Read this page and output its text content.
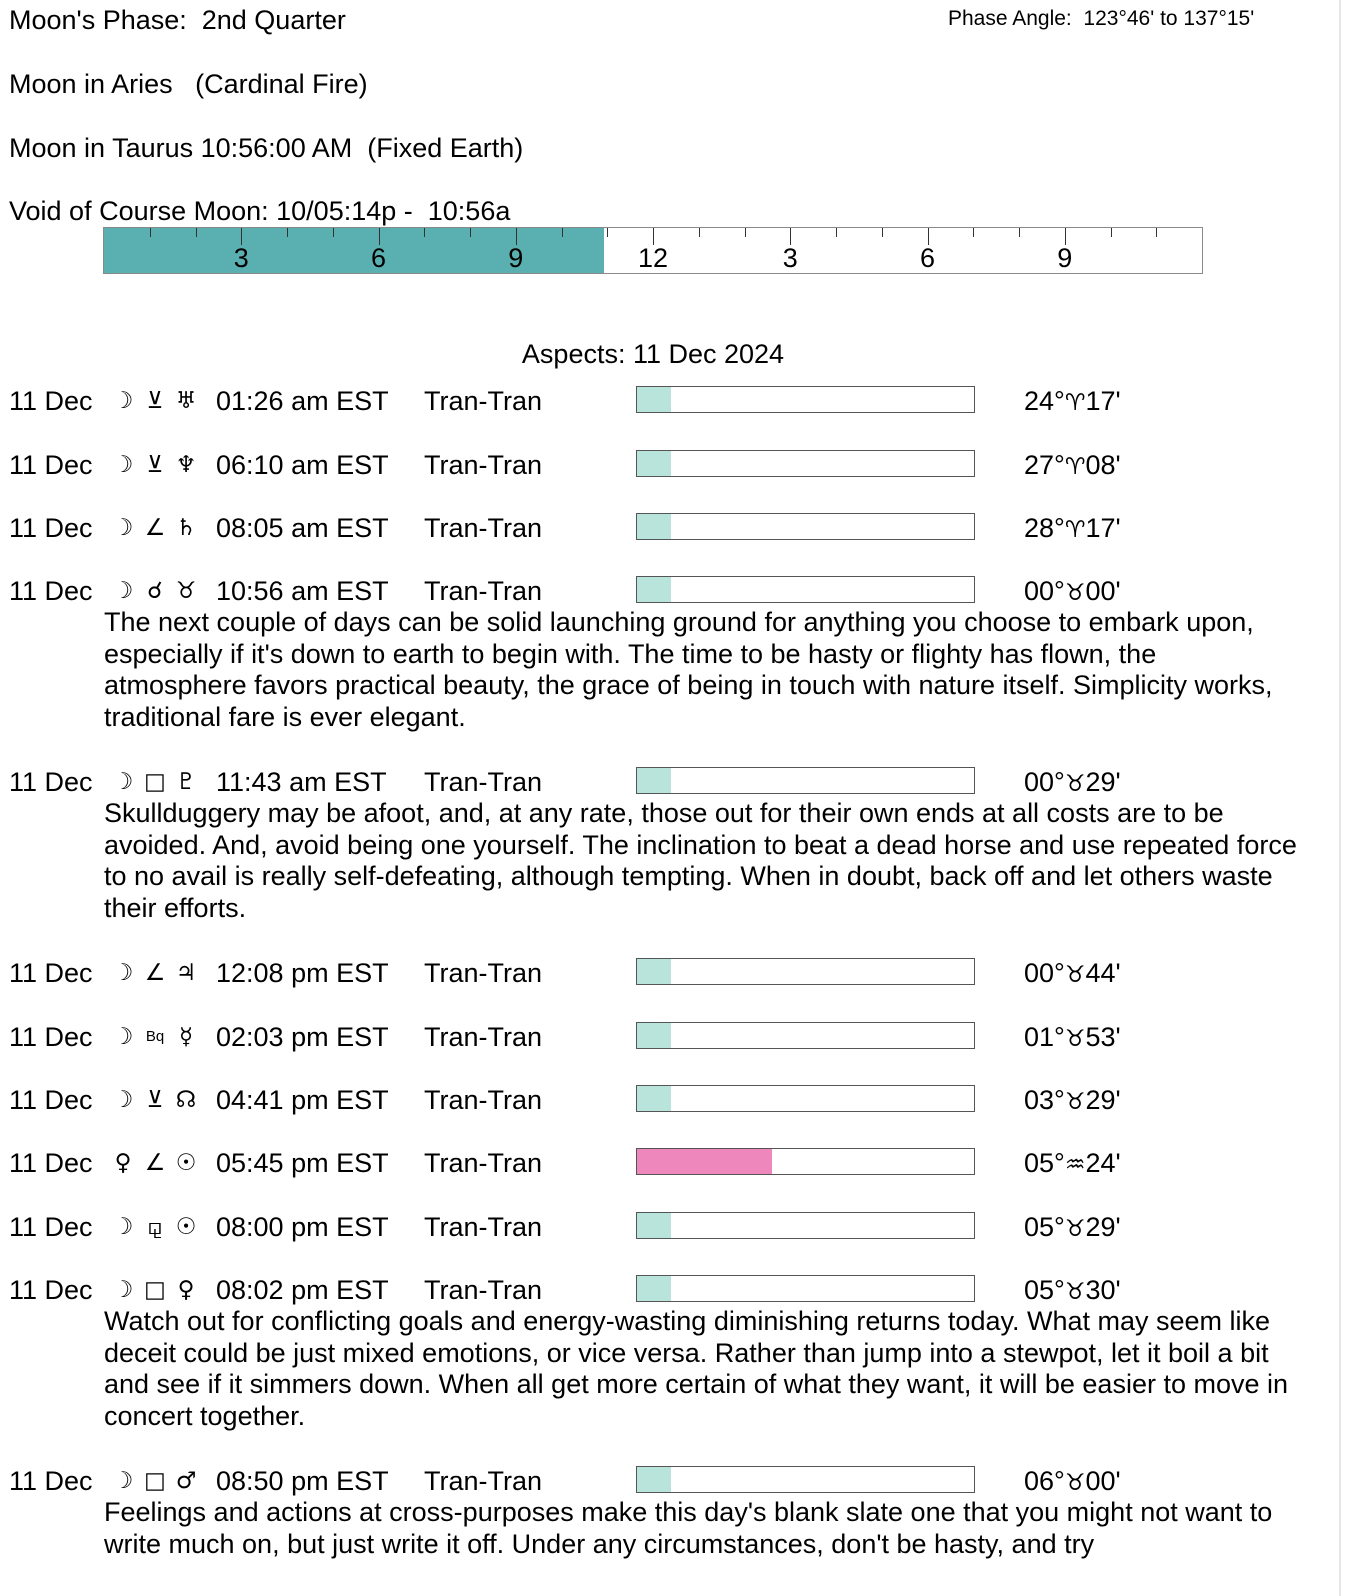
Moon's Phase:  2nd Quarter	Phase Angle:  123°46' to 137°15'
Moon in Aries   (Cardinal Fire)
Moon in Taurus 10:56:00 AM  (Fixed Earth)
Void of Course Moon: 10/05:14p -  10:56a
3	6	9	12	3	6	9
Aspects: 11 Dec 2024
11 Dec ☽ ⊻ ♅ 01:26 am EST Tran-Tran	24°♈17'
11 Dec ☽ ⊻ ♆ 06:10 am EST Tran-Tran	27°♈08'
11 Dec ☽ ∠ ♄ 08:05 am EST Tran-Tran	28°♈17'
11 Dec ☽ ☌ ♉ 10:56 am EST Tran-Tran	00°♉00'
The next couple of days can be solid launching ground for anything you choose to embark upon, especially if it's down to earth to begin with. The time to be hasty or flighty has flown, the atmosphere favors practical beauty, the grace of being in touch with nature itself. Simplicity works, traditional fare is ever elegant.
11 Dec ☽ □ ♇ 11:43 am EST Tran-Tran	00°♉29'
Skullduggery may be afoot, and, at any rate, those out for their own ends at all costs are to be avoided. And, avoid being one yourself. The inclination to beat a dead horse and use repeated force to no avail is really self-defeating, although tempting. When in doubt, back off and let others waste their efforts.
11 Dec ☽ ∠ ♃ 12:08 pm EST Tran-Tran	00°♉44'
11 Dec ☽ Bq ☿ 02:03 pm EST Tran-Tran	01°♉53'
11 Dec ☽ ⊻ ☊ 04:41 pm EST Tran-Tran	03°♉29'
11 Dec ♀ ∠ ☉ 05:45 pm EST Tran-Tran	05°♒24'
11 Dec ☽ ⚼ ☉ 08:00 pm EST Tran-Tran	05°♉29'
11 Dec ☽ □ ♀ 08:02 pm EST Tran-Tran	05°♉30'
Watch out for conflicting goals and energy-wasting diminishing returns today. What may seem like deceit could be just mixed emotions, or vice versa. Rather than jump into a stewpot, let it boil a bit and see if it simmers down. When all get more certain of what they want, it will be easier to move in concert together.
11 Dec ☽ □ ♂ 08:50 pm EST Tran-Tran	06°♉00'
Feelings and actions at cross-purposes make this day's blank slate one that you might not want to write much on, but just write it off. Under any circumstances, don't be hasty, and try
